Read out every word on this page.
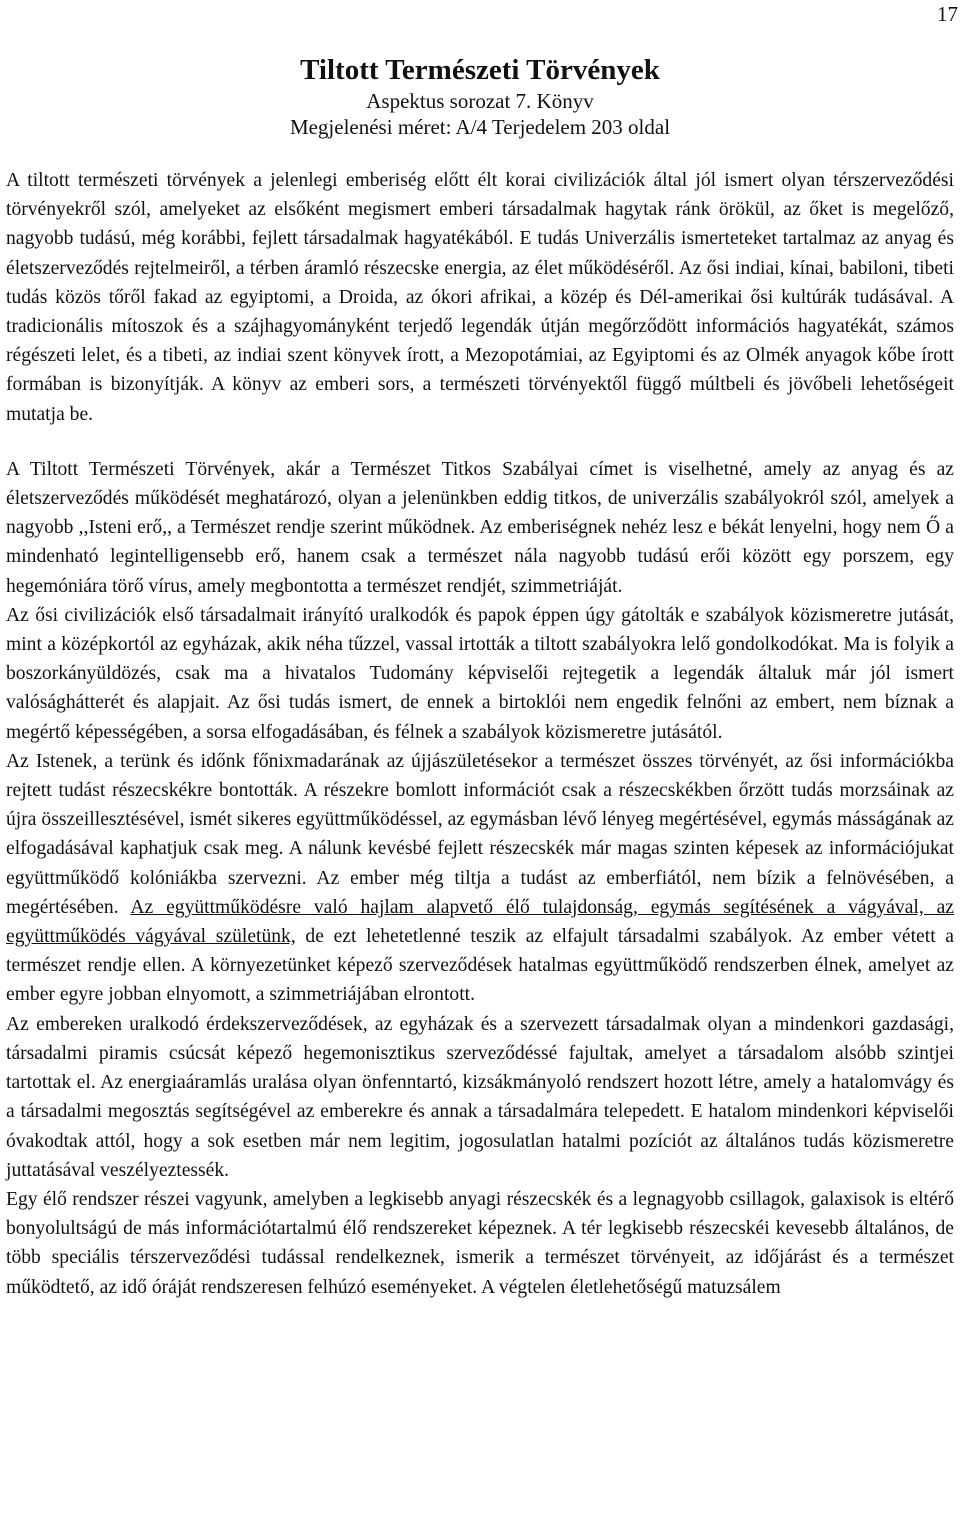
17
Tiltott Természeti Törvények

Aspektus sorozat 7. Könyv

Megjelenési méret: A/4 Terjedelem 203 oldal

A tiltott természeti törvények a jelenlegi emberiség előtt élt korai civilizációk által jól ismert olyan térszerveződési törvényekről szól, amelyeket az elsőként megismert emberi társadalmak hagytak ránk örökül, az őket is megelőző, nagyobb tudású, még korábbi, fejlett társadalmak hagyatékából. E tudás Univerzális ismerteteket tartalmaz az anyag és életszerveződés rejtelmeiről, a térben áramló részecske energia, az élet működéséről. Az ősi indiai, kínai, babiloni, tibeti tudás közös tőről fakad az egyiptomi, a Droida, az ókori afrikai, a közép és Dél-amerikai ősi kultúrák tudásával. A tradicionális mítoszok és a szájhagyományként terjedő legendák útján megőrződött információs hagyatékát, számos régészeti lelet, és a tibeti, az indiai szent könyvek írott, a Mezopotámiai, az Egyiptomi és az Olmék anyagok kőbe írott formában is bizonyítják. A könyv az emberi sors, a természeti törvényektől függő múltbeli és jövőbeli lehetőségeit mutatja be.

A Tiltott Természeti Törvények, akár a Természet Titkos Szabályai címet is viselhetné, amely az anyag és az életszerveződés működését meghatározó, olyan a jelenünkben eddig titkos, de univerzális szabályokról szól, amelyek a nagyobb ,,Isteni erő,, a Természet rendje szerint működnek. Az emberiségnek nehéz lesz e békát lenyelni, hogy nem Ő a mindenható legintelligensebb erő, hanem csak a természet nála nagyobb tudású erői között egy porszem, egy hegemóniára törő vírus, amely megbontotta a természet rendjét, szimmetriáját.

Az ősi civilizációk első társadalmait irányító uralkodók és papok éppen úgy gátolták e szabályok közismeretre jutását, mint a középkortól az egyházak, akik néha tűzzel, vassal irtották a tiltott szabályokra lelő gondolkodókat. Ma is folyik a boszorkányüldözés, csak ma a hivatalos Tudomány képviselői rejtegetik a legendák általuk már jól ismert valósághátterét és alapjait. Az ősi tudás ismert, de ennek a birtoklói nem engedik felnőni az embert, nem bíznak a megértő képességében, a sorsa elfogadásában, és félnek a szabályok közismeretre jutásától.

Az Istenek, a terünk és időnk főnixmadarának az újjászületésekor a természet összes törvényét, az ősi információkba rejtett tudást részecskékre bontották. A részekre bomlott információt csak a részecskékben őrzött tudás morzsáinak az újra összeillesztésével, ismét sikeres együttműködéssel, az egymásban lévő lényeg megértésével, egymás másságának az elfogadásával kaphatjuk csak meg. A nálunk kevésbé fejlett részecskék már magas szinten képesek az információjukat együttműködő kolóniákba szervezni. Az ember még tiltja a tudást az emberfiától, nem bízik a felnövésében, a megértésében. Az együttműködésre való hajlam alapvető élő tulajdonság, egymás segítésének a vágyával, az együttműködés vágyával születünk, de ezt lehetetlenné teszik az elfajult társadalmi szabályok. Az ember vétett a természet rendje ellen. A környezetünket képező szerveződések hatalmas együttműködő rendszerben élnek, amelyet az ember egyre jobban elnyomott, a szimmetriájában elrontott.

Az embereken uralkodó érdekszerveződések, az egyházak és a szervezett társadalmak olyan a mindenkori gazdasági, társadalmi piramis csúcsát képező hegemonisztikus szerveződéssé fajultak, amelyet a társadalom alsóbb szintjei tartottak el. Az energiaáramlás uralása olyan önfenntartó, kizsákmányoló rendszert hozott létre, amely a hatalomvágy és a társadalmi megosztás segítségével az emberekre és annak a társadalmára telepedett. E hatalom mindenkori képviselői óvakodtak attól, hogy a sok esetben már nem legitim, jogosulatlan hatalmi pozíciót az általános tudás közismeretre juttatásával veszélyeztessék.

Egy élő rendszer részei vagyunk, amelyben a legkisebb anyagi részecskék és a legnagyobb csillagok, galaxisok is eltérő bonyolultságú de más információtartalmú élő rendszereket képeznek. A tér legkisebb részecskéi kevesebb általános, de több speciális térszerveződési tudással rendelkeznek, ismerik a természet törvényeit, az időjárást és a természet működtető, az idő óráját rendszeresen felhúzó eseményeket. A végtelen életlehetőségű matuzsálem
